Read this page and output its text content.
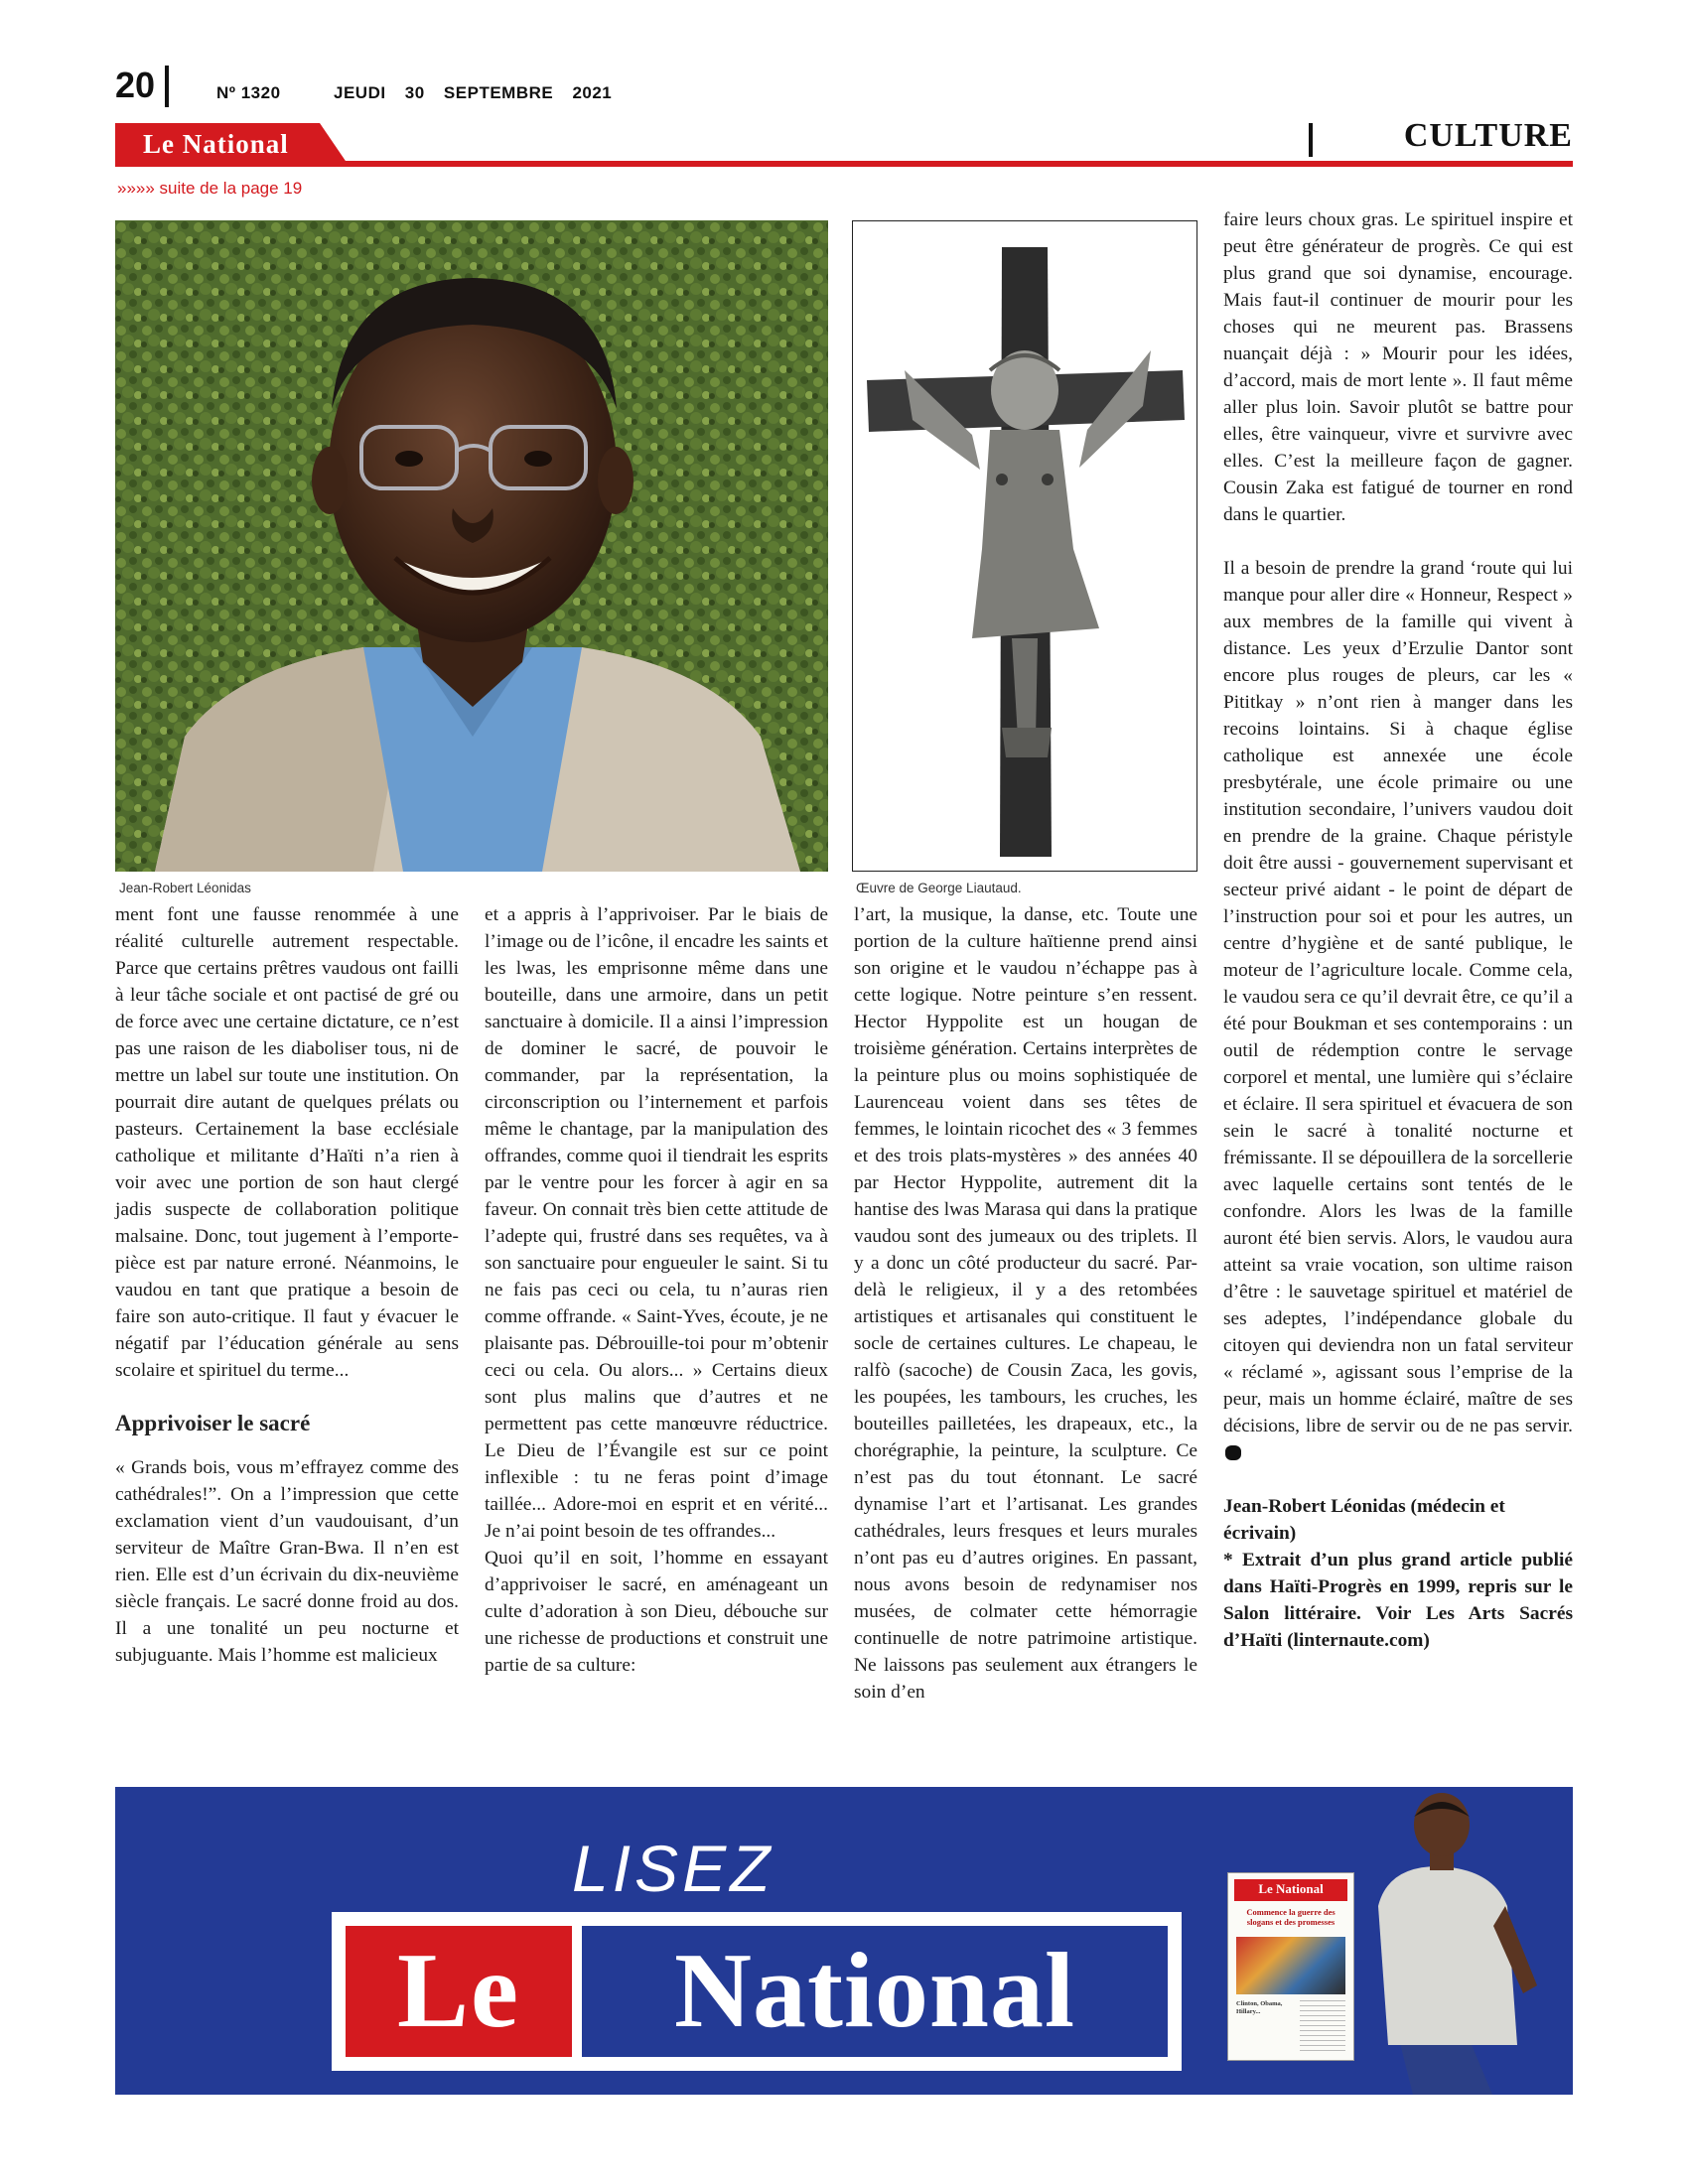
20	Nº 1320	JEUDI 30 SEPTEMBRE 2021
Le National	CULTURE
»»»» suite de la page 19
Jean-Robert Léonidas	Œuvre de George Liautaud.

ment font une fausse renommée à une réalité culturelle autrement respectable. Parce que certains prêtres vaudous ont failli à leur tâche sociale et ont pactisé de gré ou de force avec une certaine dictature, ce n’est pas une raison de les diaboliser tous, ni de mettre un label sur toute une institution. On pourrait dire autant de quelques prélats ou pasteurs. Certainement la base ecclésiale catholique et militante d’Haïti n’a rien à voir avec une portion de son haut clergé jadis suspecte de collaboration politique malsaine. Donc, tout jugement à l’emporte-pièce est par nature erroné. Néanmoins, le vaudou en tant que pratique a besoin de faire son auto-critique. Il faut y évacuer le négatif par l’éducation générale au sens scolaire et spirituel du terme...

Apprivoiser le sacré

« Grands bois, vous m’effrayez comme des cathédrales!”. On a l’impression que cette exclamation vient d’un vaudouisant, d’un serviteur de Maître Gran-Bwa. Il n’en est rien. Elle est d’un écrivain du dix-neuvième siècle français. Le sacré donne froid au dos. Il a une tonalité un peu nocturne et subjuguante. Mais l’homme est malicieux

et a appris à l’apprivoiser. Par le biais de l’image ou de l’icône, il encadre les saints et les lwas, les emprisonne même dans une bouteille, dans une armoire, dans un petit sanctuaire à domicile. Il a ainsi l’impression de dominer le sacré, de pouvoir le commander, par la représentation, la circonscription ou l’internement et parfois même le chantage, par la manipulation des offrandes, comme quoi il tiendrait les esprits par le ventre pour les forcer à agir en sa faveur. On connait très bien cette attitude de l’adepte qui, frustré dans ses requêtes, va à son sanctuaire pour engueuler le saint. Si tu ne fais pas ceci ou cela, tu n’auras rien comme offrande. « Saint-Yves, écoute, je ne plaisante pas. Débrouille-toi pour m’obtenir ceci ou cela. Ou alors... » Certains dieux sont plus malins que d’autres et ne permettent pas cette manœuvre réductrice. Le Dieu de l’Évangile est sur ce point inflexible : tu ne feras point d’image taillée... Adore-moi en esprit et en vérité... Je n’ai point besoin de tes offrandes...

Quoi qu’il en soit, l’homme en essayant d’apprivoiser le sacré, en aménageant un culte d’adoration à son Dieu, débouche sur une richesse de productions et construit une partie de sa culture:

l’art, la musique, la danse, etc. Toute une portion de la culture haïtienne prend ainsi son origine et le vaudou n’échappe pas à cette logique. Notre peinture s’en ressent. Hector Hyppolite est un hougan de troisième génération. Certains interprètes de la peinture plus ou moins sophistiquée de Laurenceau voient dans ses têtes de femmes, le lointain ricochet des « 3 femmes et des trois plats-mystères » des années 40 par Hector Hyppolite, autrement dit la hantise des lwas Marasa qui dans la pratique vaudou sont des jumeaux ou des triplets. Il y a donc un côté producteur du sacré. Par-delà le religieux, il y a des retombées artistiques et artisanales qui constituent le socle de certaines cultures. Le chapeau, le ralfò (sacoche) de Cousin Zaca, les govis, les poupées, les tambours, les cruches, les bouteilles pailletées, les drapeaux, etc., la chorégraphie, la peinture, la sculpture. Ce n’est pas du tout étonnant. Le sacré dynamise l’art et l’artisanat. Les grandes cathédrales, leurs fresques et leurs murales n’ont pas eu d’autres origines. En passant, nous avons besoin de redynamiser nos musées, de colmater cette hémorragie continuelle de notre patrimoine artistique. Ne laissons pas seulement aux étrangers le soin d’en

faire leurs choux gras. Le spirituel inspire et peut être générateur de progrès. Ce qui est plus grand que soi dynamise, encourage. Mais faut-il continuer de mourir pour les choses qui ne meurent pas. Brassens nuançait déjà : » Mourir pour les idées, d’accord, mais de mort lente ». Il faut même aller plus loin. Savoir plutôt se battre pour elles, être vainqueur, vivre et survivre avec elles. C’est la meilleure façon de gagner. Cousin Zaka est fatigué de tourner en rond dans le quartier.

Il a besoin de prendre la grand ‘route qui lui manque pour aller dire « Honneur, Respect » aux membres de la famille qui vivent à distance. Les yeux d’Erzulie Dantor sont encore plus rouges de pleurs, car les « Pititkay » n’ont rien à manger dans les recoins lointains. Si à chaque église catholique est annexée une école presbytérale, une école primaire ou une institution secondaire, l’univers vaudou doit en prendre de la graine. Chaque péristyle doit être aussi - gouvernement supervisant et secteur privé aidant - le point de départ de l’instruction pour soi et pour les autres, un centre d’hygiène et de santé publique, le moteur de l’agriculture locale. Comme cela, le vaudou sera ce qu’il devrait être, ce qu’il a été pour Boukman et ses contemporains : un outil de rédemption contre le servage corporel et mental, une lumière qui s’éclaire et éclaire. Il sera spirituel et évacuera de son sein le sacré à tonalité nocturne et frémissante. Il se dépouillera de la sorcellerie avec laquelle certains sont tentés de le confondre. Alors les lwas de la famille auront été bien servis. Alors, le vaudou aura atteint sa vraie vocation, son ultime raison d’être : le sauvetage spirituel et matériel de ses adeptes, l’indépendance globale du citoyen qui deviendra non un fatal serviteur « réclamé », agissant sous l’emprise de la peur, mais un homme éclairé, maître de ses décisions, libre de servir ou de ne pas servir.

Jean-Robert Léonidas (médecin et écrivain)

* Extrait d’un plus grand article publié dans Haïti-Progrès en 1999, repris sur le Salon littéraire. Voir Les Arts Sacrés d’Haïti (linternaute.com)

LISEZ
Le	National
Le National
Commence la guerre des slogans et des promesses
Clinton, Obama, Hillary...
